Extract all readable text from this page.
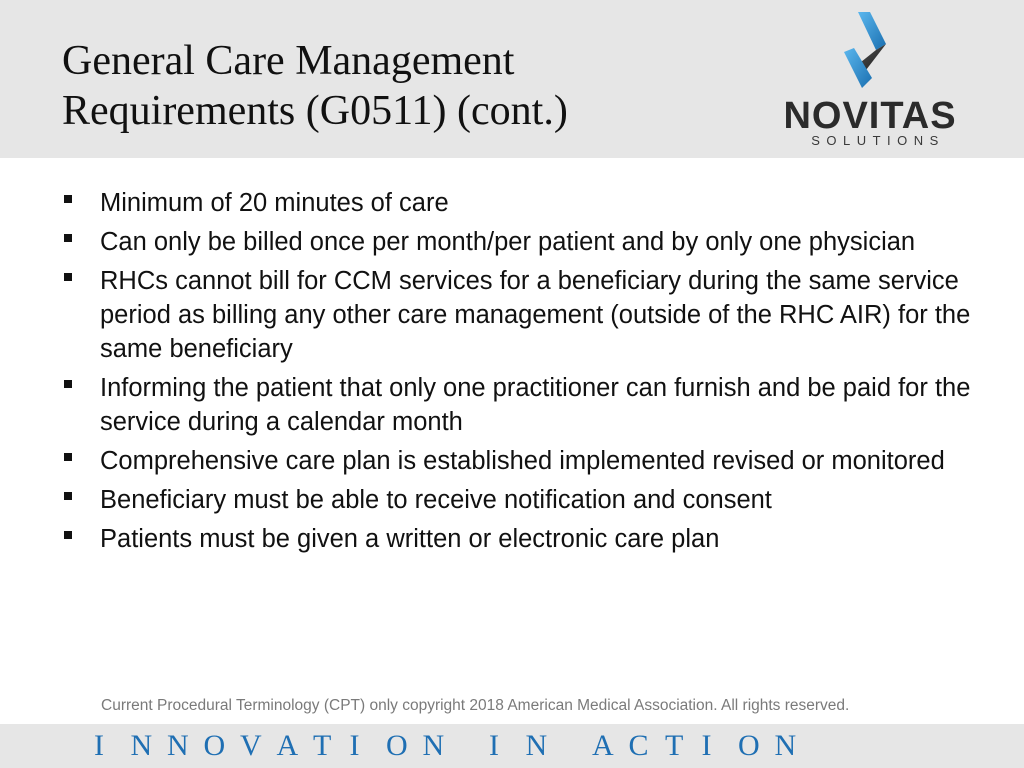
General Care Management
Requirements (G0511) (cont.)	NOVITAS
SOLUTIONS
Minimum of 20 minutes of care
Can only be billed once per month/per patient and by only one physician
RHCs cannot bill for CCM services for a beneficiary during the same service period as billing any other care management (outside of the RHC AIR) for the same beneficiary
Informing the patient that only one practitioner can furnish and be paid for the service during a calendar month
Comprehensive care plan is established implemented revised or monitored
Beneficiary must be able to receive notification and consent
Patients must be given a written or electronic care plan
Current Procedural Terminology (CPT) only copyright 2018 American Medical Association. All rights reserved.
I N N O V A T I O N I N A C T I O N
